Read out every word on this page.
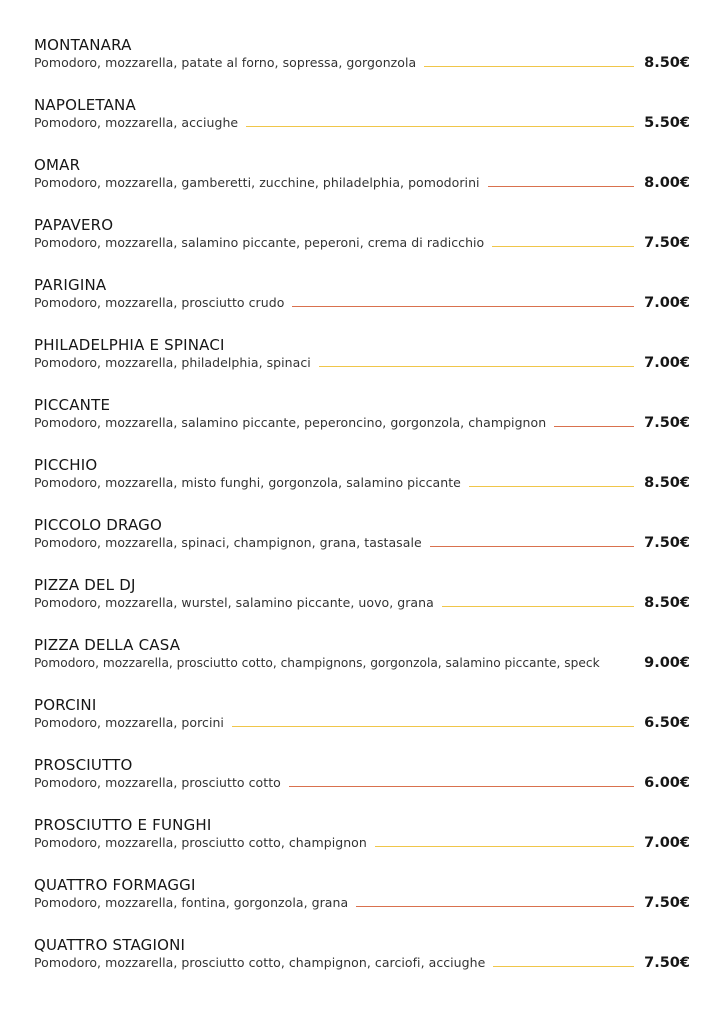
MONTANARA
Pomodoro, mozzarella, patate al forno, sopressa, gorgonzola	8.50€
NAPOLETANA
Pomodoro, mozzarella, acciughe	5.50€
OMAR
Pomodoro, mozzarella, gamberetti, zucchine, philadelphia, pomodorini	8.00€
PAPAVERO
Pomodoro, mozzarella, salamino piccante, peperoni, crema di radicchio	7.50€
PARIGINA
Pomodoro, mozzarella, prosciutto crudo	7.00€
PHILADELPHIA E SPINACI
Pomodoro, mozzarella, philadelphia, spinaci	7.00€
PICCANTE
Pomodoro, mozzarella, salamino piccante, peperoncino, gorgonzola, champignon	7.50€
PICCHIO
Pomodoro, mozzarella, misto funghi, gorgonzola, salamino piccante	8.50€
PICCOLO DRAGO
Pomodoro, mozzarella, spinaci, champignon, grana, tastasale	7.50€
PIZZA DEL DJ
Pomodoro, mozzarella, wurstel, salamino piccante, uovo, grana	8.50€
PIZZA DELLA CASA
Pomodoro, mozzarella, prosciutto cotto, champignons, gorgonzola, salamino piccante, speck	9.00€
PORCINI
Pomodoro, mozzarella, porcini	6.50€
PROSCIUTTO
Pomodoro, mozzarella, prosciutto cotto	6.00€
PROSCIUTTO E FUNGHI
Pomodoro, mozzarella, prosciutto cotto, champignon	7.00€
QUATTRO FORMAGGI
Pomodoro, mozzarella, fontina, gorgonzola, grana	7.50€
QUATTRO STAGIONI
Pomodoro, mozzarella, prosciutto cotto, champignon, carciofi, acciughe	7.50€
